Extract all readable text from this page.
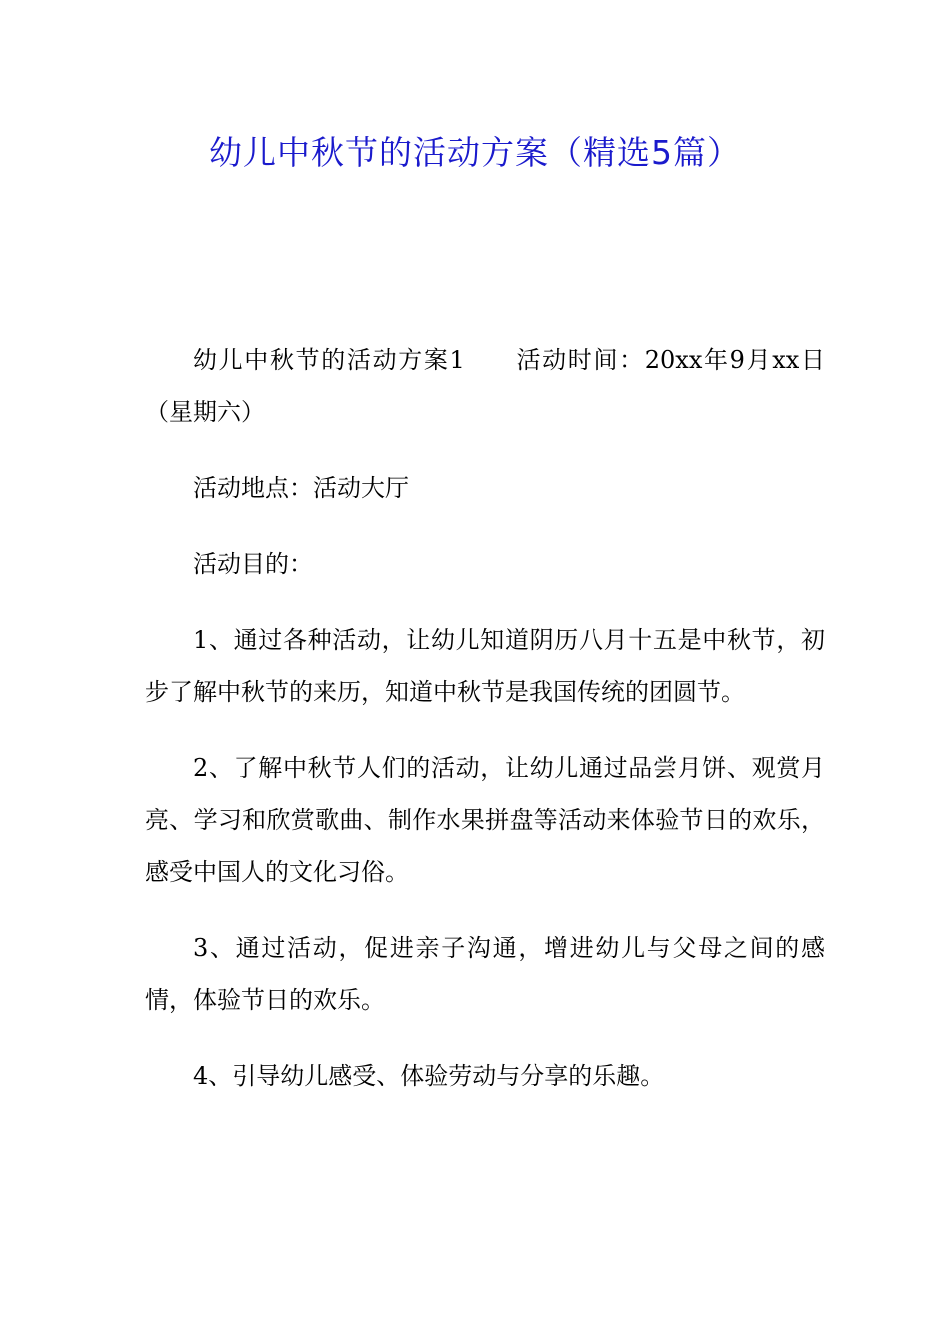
幼儿中秋节的活动方案（精选5篇）

幼儿中秋节的活动方案1 活动时间：20xx年9月xx日（星期六）

活动地点：活动大厅

活动目的：

1、通过各种活动，让幼儿知道阴历八月十五是中秋节，初步了解中秋节的来历，知道中秋节是我国传统的团圆节。

2、了解中秋节人们的活动，让幼儿通过品尝月饼、观赏月亮、学习和欣赏歌曲、制作水果拼盘等活动来体验节日的欢乐，感受中国人的文化习俗。

3、通过活动，促进亲子沟通，增进幼儿与父母之间的感情，体验节日的欢乐。

4、引导幼儿感受、体验劳动与分享的乐趣。
